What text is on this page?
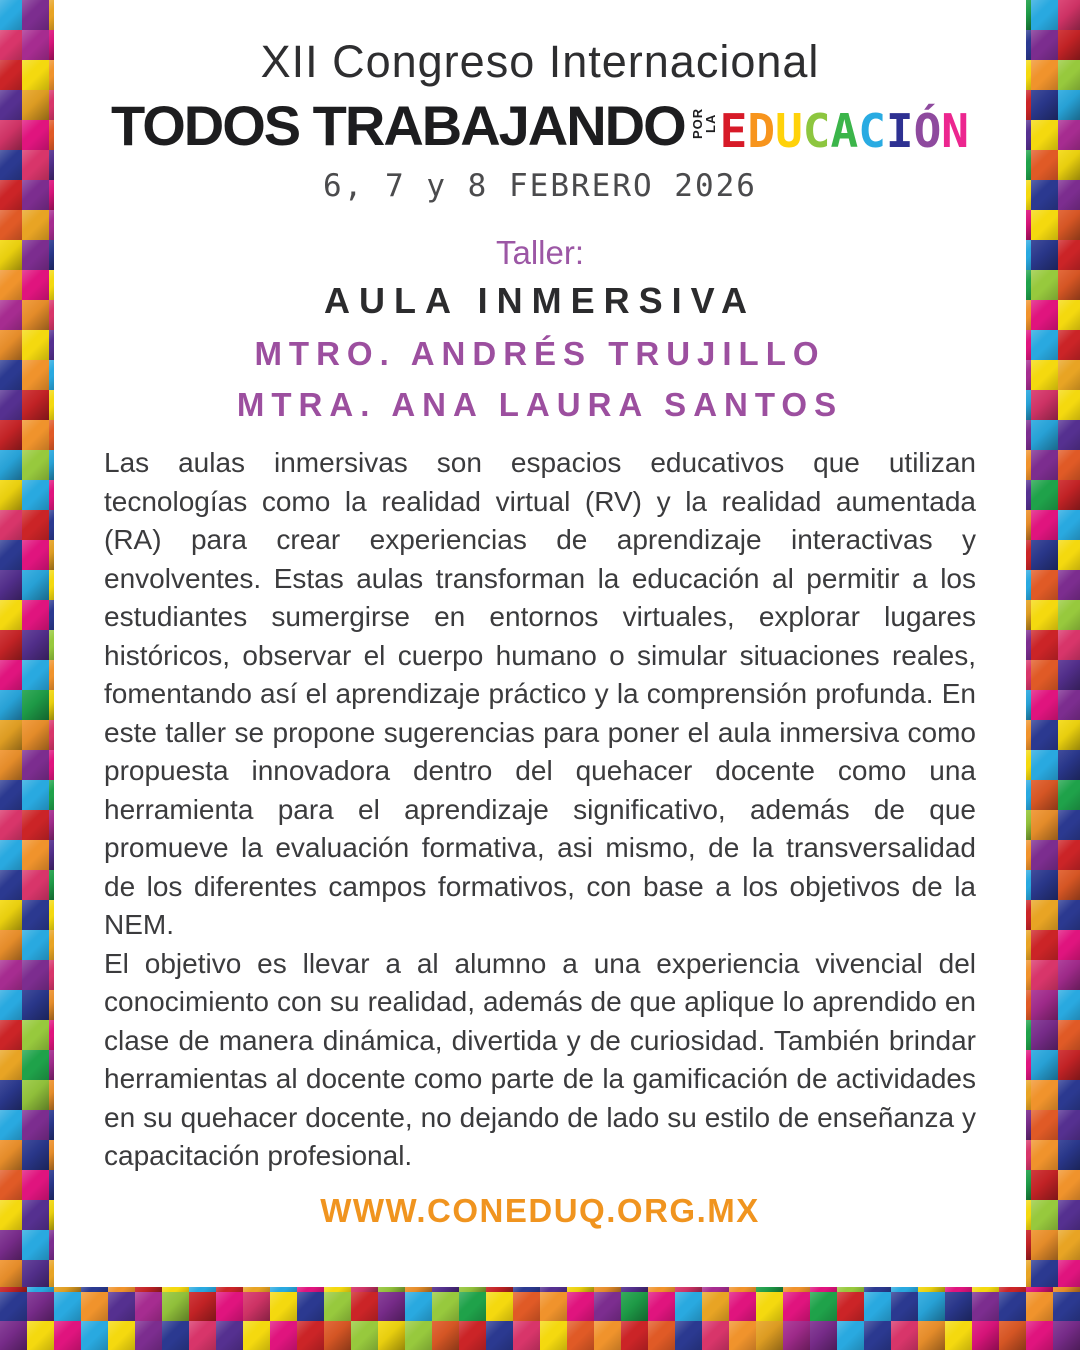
XII Congreso Internacional
TODOS TRABAJANDO POR LA EDUCACIÓN
6, 7 y 8 FEBRERO 2026
Taller:
AULA INMERSIVA
MTRO. ANDRÉS TRUJILLO
MTRA. ANA LAURA SANTOS

Las aulas inmersivas son espacios educativos que utilizan tecnologías como la realidad virtual (RV) y la realidad aumentada (RA) para crear experiencias de aprendizaje interactivas y envolventes. Estas aulas transforman la educación al permitir a los estudiantes sumergirse en entornos virtuales, explorar lugares históricos, observar el cuerpo humano o simular situaciones reales, fomentando así el aprendizaje práctico y la comprensión profunda. En este taller se propone sugerencias para poner el aula inmersiva como propuesta innovadora dentro del quehacer docente como una herramienta para el aprendizaje significativo, además de que promueve la evaluación formativa, asi mismo, de la transversalidad de los diferentes campos formativos, con base a los objetivos de la NEM.

El objetivo es llevar a al alumno a una experiencia vivencial del conocimiento con su realidad, además de que aplique lo aprendido en clase de manera dinámica, divertida y de curiosidad. También brindar herramientas al docente como parte de la gamificación de actividades en su quehacer docente, no dejando de lado su estilo de enseñanza y capacitación profesional.

WWW.CONEDUQ.ORG.MX
